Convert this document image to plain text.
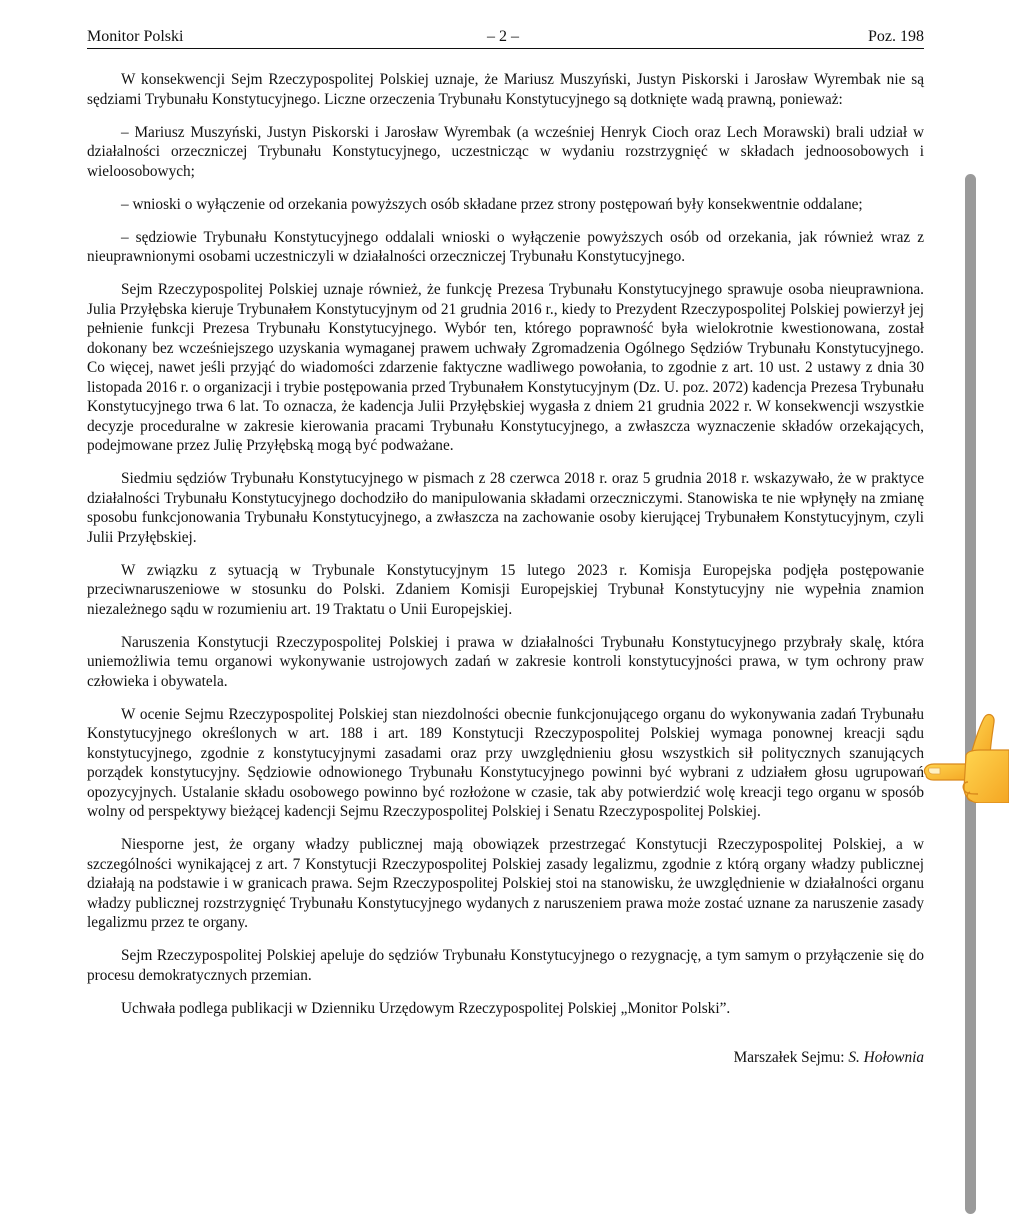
Monitor Polski	– 2 –	Poz. 198

W konsekwencji Sejm Rzeczypospolitej Polskiej uznaje, że Mariusz Muszyński, Justyn Piskorski i Jarosław Wyrembak nie są sędziami Trybunału Konstytucyjnego. Liczne orzeczenia Trybunału Konstytucyjnego są dotknięte wadą prawną, ponieważ:

– Mariusz Muszyński, Justyn Piskorski i Jarosław Wyrembak (a wcześniej Henryk Cioch oraz Lech Morawski) brali udział w działalności orzeczniczej Trybunału Konstytucyjnego, uczestnicząc w wydaniu rozstrzygnięć w składach jednoosobowych i wieloosobowych;

– wnioski o wyłączenie od orzekania powyższych osób składane przez strony postępowań były konsekwentnie oddalane;

– sędziowie Trybunału Konstytucyjnego oddalali wnioski o wyłączenie powyższych osób od orzekania, jak również wraz z nieuprawnionymi osobami uczestniczyli w działalności orzeczniczej Trybunału Konstytucyjnego.

Sejm Rzeczypospolitej Polskiej uznaje również, że funkcję Prezesa Trybunału Konstytucyjnego sprawuje osoba nieuprawniona. Julia Przyłębska kieruje Trybunałem Konstytucyjnym od 21 grudnia 2016 r., kiedy to Prezydent Rzeczypospolitej Polskiej powierzył jej pełnienie funkcji Prezesa Trybunału Konstytucyjnego. Wybór ten, którego poprawność była wielokrotnie kwestionowana, został dokonany bez wcześniejszego uzyskania wymaganej prawem uchwały Zgromadzenia Ogólnego Sędziów Trybunału Konstytucyjnego. Co więcej, nawet jeśli przyjąć do wiadomości zdarzenie faktyczne wadliwego powołania, to zgodnie z art. 10 ust. 2 ustawy z dnia 30 listopada 2016 r. o organizacji i trybie postępowania przed Trybunałem Konstytucyjnym (Dz. U. poz. 2072) kadencja Prezesa Trybunału Konstytucyjnego trwa 6 lat. To oznacza, że kadencja Julii Przyłębskiej wygasła z dniem 21 grudnia 2022 r. W konsekwencji wszystkie decyzje proceduralne w zakresie kierowania pracami Trybunału Konstytucyjnego, a zwłaszcza wyznaczenie składów orzekających, podejmowane przez Julię Przyłębską mogą być podważane.

Siedmiu sędziów Trybunału Konstytucyjnego w pismach z 28 czerwca 2018 r. oraz 5 grudnia 2018 r. wskazywało, że w praktyce działalności Trybunału Konstytucyjnego dochodziło do manipulowania składami orzeczniczymi. Stanowiska te nie wpłynęły na zmianę sposobu funkcjonowania Trybunału Konstytucyjnego, a zwłaszcza na zachowanie osoby kierującej Trybunałem Konstytucyjnym, czyli Julii Przyłębskiej.

W związku z sytuacją w Trybunale Konstytucyjnym 15 lutego 2023 r. Komisja Europejska podjęła postępowanie przeciwnaruszeniowe w stosunku do Polski. Zdaniem Komisji Europejskiej Trybunał Konstytucyjny nie wypełnia znamion niezależnego sądu w rozumieniu art. 19 Traktatu o Unii Europejskiej.

Naruszenia Konstytucji Rzeczypospolitej Polskiej i prawa w działalności Trybunału Konstytucyjnego przybrały skalę, która uniemożliwia temu organowi wykonywanie ustrojowych zadań w zakresie kontroli konstytucyjności prawa, w tym ochrony praw człowieka i obywatela.

W ocenie Sejmu Rzeczypospolitej Polskiej stan niezdolności obecnie funkcjonującego organu do wykonywania zadań Trybunału Konstytucyjnego określonych w art. 188 i art. 189 Konstytucji Rzeczypospolitej Polskiej wymaga ponownej kreacji sądu konstytucyjnego, zgodnie z konstytucyjnymi zasadami oraz przy uwzględnieniu głosu wszystkich sił politycznych szanujących porządek konstytucyjny. Sędziowie odnowionego Trybunału Konstytucyjnego powinni być wybrani z udziałem głosu ugrupowań opozycyjnych. Ustalanie składu osobowego powinno być rozłożone w czasie, tak aby potwierdzić wolę kreacji tego organu w sposób wolny od perspektywy bieżącej kadencji Sejmu Rzeczypospolitej Polskiej i Senatu Rzeczypospolitej Polskiej.

Niesporne jest, że organy władzy publicznej mają obowiązek przestrzegać Konstytucji Rzeczypospolitej Polskiej, a w szczególności wynikającej z art. 7 Konstytucji Rzeczypospolitej Polskiej zasady legalizmu, zgodnie z którą organy władzy publicznej działają na podstawie i w granicach prawa. Sejm Rzeczypospolitej Polskiej stoi na stanowisku, że uwzględnienie w działalności organu władzy publicznej rozstrzygnięć Trybunału Konstytucyjnego wydanych z naruszeniem prawa może zostać uznane za naruszenie zasady legalizmu przez te organy.

Sejm Rzeczypospolitej Polskiej apeluje do sędziów Trybunału Konstytucyjnego o rezygnację, a tym samym o przyłączenie się do procesu demokratycznych przemian.

Uchwała podlega publikacji w Dzienniku Urzędowym Rzeczypospolitej Polskiej „Monitor Polski”.

Marszałek Sejmu: S. Hołownia
